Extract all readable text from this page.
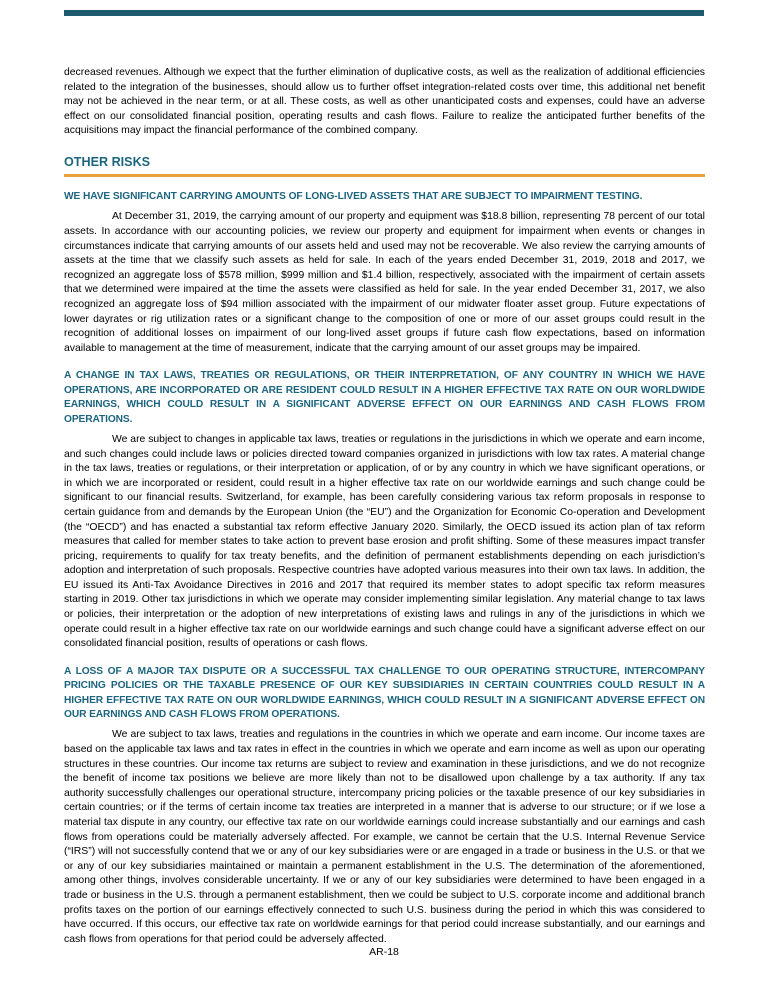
decreased revenues. Although we expect that the further elimination of duplicative costs, as well as the realization of additional efficiencies related to the integration of the businesses, should allow us to further offset integration-related costs over time, this additional net benefit may not be achieved in the near term, or at all. These costs, as well as other unanticipated costs and expenses, could have an adverse effect on our consolidated financial position, operating results and cash flows. Failure to realize the anticipated further benefits of the acquisitions may impact the financial performance of the combined company.

OTHER RISKS
WE HAVE SIGNIFICANT CARRYING AMOUNTS OF LONG-LIVED ASSETS THAT ARE SUBJECT TO IMPAIRMENT TESTING.

At December 31, 2019, the carrying amount of our property and equipment was $18.8 billion, representing 78 percent of our total assets. In accordance with our accounting policies, we review our property and equipment for impairment when events or changes in circumstances indicate that carrying amounts of our assets held and used may not be recoverable. We also review the carrying amounts of assets at the time that we classify such assets as held for sale. In each of the years ended December 31, 2019, 2018 and 2017, we recognized an aggregate loss of $578 million, $999 million and $1.4 billion, respectively, associated with the impairment of certain assets that we determined were impaired at the time the assets were classified as held for sale. In the year ended December 31, 2017, we also recognized an aggregate loss of $94 million associated with the impairment of our midwater floater asset group. Future expectations of lower dayrates or rig utilization rates or a significant change to the composition of one or more of our asset groups could result in the recognition of additional losses on impairment of our long-lived asset groups if future cash flow expectations, based on information available to management at the time of measurement, indicate that the carrying amount of our asset groups may be impaired.

A CHANGE IN TAX LAWS, TREATIES OR REGULATIONS, OR THEIR INTERPRETATION, OF ANY COUNTRY IN WHICH WE HAVE OPERATIONS, ARE INCORPORATED OR ARE RESIDENT COULD RESULT IN A HIGHER EFFECTIVE TAX RATE ON OUR WORLDWIDE EARNINGS, WHICH COULD RESULT IN A SIGNIFICANT ADVERSE EFFECT ON OUR EARNINGS AND CASH FLOWS FROM OPERATIONS.

We are subject to changes in applicable tax laws, treaties or regulations in the jurisdictions in which we operate and earn income, and such changes could include laws or policies directed toward companies organized in jurisdictions with low tax rates. A material change in the tax laws, treaties or regulations, or their interpretation or application, of or by any country in which we have significant operations, or in which we are incorporated or resident, could result in a higher effective tax rate on our worldwide earnings and such change could be significant to our financial results. Switzerland, for example, has been carefully considering various tax reform proposals in response to certain guidance from and demands by the European Union (the “EU”) and the Organization for Economic Co-operation and Development (the “OECD”) and has enacted a substantial tax reform effective January 2020. Similarly, the OECD issued its action plan of tax reform measures that called for member states to take action to prevent base erosion and profit shifting. Some of these measures impact transfer pricing, requirements to qualify for tax treaty benefits, and the definition of permanent establishments depending on each jurisdiction’s adoption and interpretation of such proposals. Respective countries have adopted various measures into their own tax laws. In addition, the EU issued its Anti-Tax Avoidance Directives in 2016 and 2017 that required its member states to adopt specific tax reform measures starting in 2019. Other tax jurisdictions in which we operate may consider implementing similar legislation. Any material change to tax laws or policies, their interpretation or the adoption of new interpretations of existing laws and rulings in any of the jurisdictions in which we operate could result in a higher effective tax rate on our worldwide earnings and such change could have a significant adverse effect on our consolidated financial position, results of operations or cash flows.

A LOSS OF A MAJOR TAX DISPUTE OR A SUCCESSFUL TAX CHALLENGE TO OUR OPERATING STRUCTURE, INTERCOMPANY PRICING POLICIES OR THE TAXABLE PRESENCE OF OUR KEY SUBSIDIARIES IN CERTAIN COUNTRIES COULD RESULT IN A HIGHER EFFECTIVE TAX RATE ON OUR WORLDWIDE EARNINGS, WHICH COULD RESULT IN A SIGNIFICANT ADVERSE EFFECT ON OUR EARNINGS AND CASH FLOWS FROM OPERATIONS.

We are subject to tax laws, treaties and regulations in the countries in which we operate and earn income. Our income taxes are based on the applicable tax laws and tax rates in effect in the countries in which we operate and earn income as well as upon our operating structures in these countries. Our income tax returns are subject to review and examination in these jurisdictions, and we do not recognize the benefit of income tax positions we believe are more likely than not to be disallowed upon challenge by a tax authority. If any tax authority successfully challenges our operational structure, intercompany pricing policies or the taxable presence of our key subsidiaries in certain countries; or if the terms of certain income tax treaties are interpreted in a manner that is adverse to our structure; or if we lose a material tax dispute in any country, our effective tax rate on our worldwide earnings could increase substantially and our earnings and cash flows from operations could be materially adversely affected. For example, we cannot be certain that the U.S. Internal Revenue Service (“IRS”) will not successfully contend that we or any of our key subsidiaries were or are engaged in a trade or business in the U.S. or that we or any of our key subsidiaries maintained or maintain a permanent establishment in the U.S. The determination of the aforementioned, among other things, involves considerable uncertainty. If we or any of our key subsidiaries were determined to have been engaged in a trade or business in the U.S. through a permanent establishment, then we could be subject to U.S. corporate income and additional branch profits taxes on the portion of our earnings effectively connected to such U.S. business during the period in which this was considered to have occurred. If this occurs, our effective tax rate on worldwide earnings for that period could increase substantially, and our earnings and cash flows from operations for that period could be adversely affected.

AR-18
